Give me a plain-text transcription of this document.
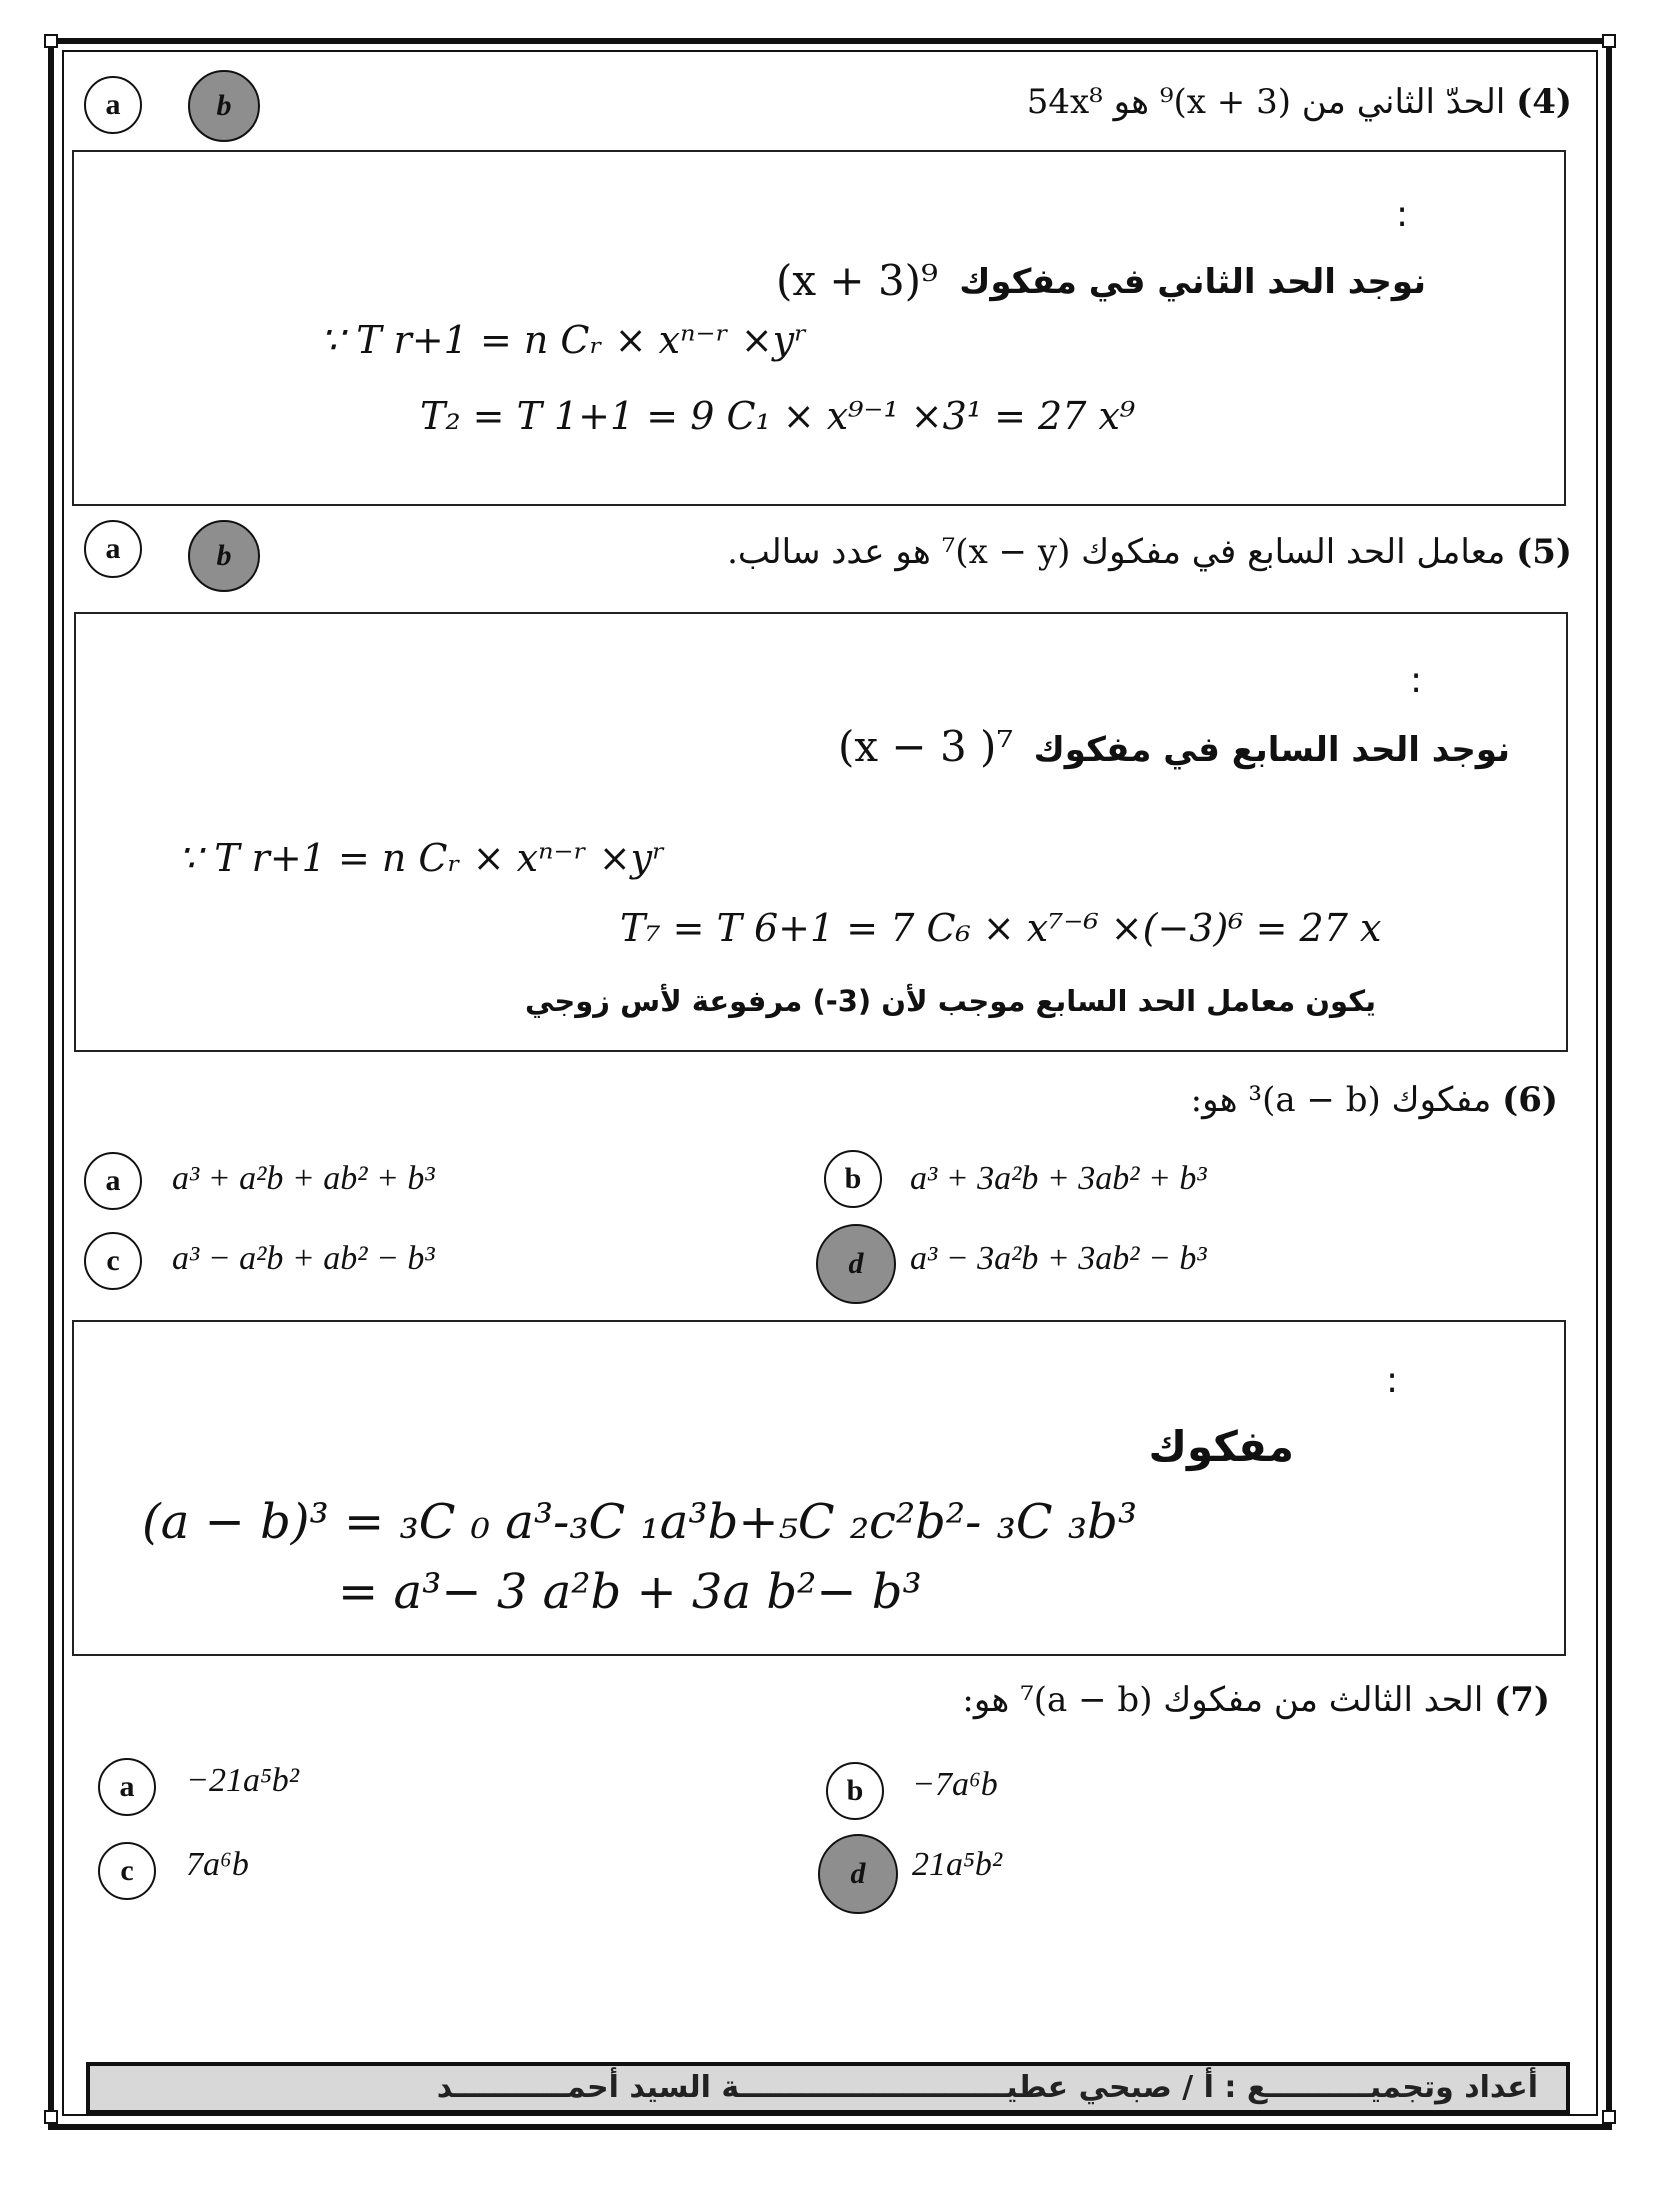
(4) الحدّ الثاني من (x + 3)⁹ هو 54x⁸
a	b
:
نوجد الحد الثاني في مفكوك
(x + 3)⁹
∵ T r+1 = n Cᵣ × xⁿ⁻ʳ ×yʳ
T₂ = T 1+1 = 9 C₁ × x⁹⁻¹ ×3¹ = 27 x⁹
(5) معامل الحد السابع في مفكوك (x − y)⁷ هو عدد سالب.
a	b
:
نوجد الحد السابع في مفكوك
(x − 3 )⁷
∵ T r+1 = n Cᵣ × xⁿ⁻ʳ ×yʳ
T₇ = T 6+1 = 7 C₆ × x⁷⁻⁶ ×(−3)⁶ = 27 x
يكون معامل الحد السابع موجب لأن (3-) مرفوعة لأس زوجي
(6) مفكوك (a − b)³ هو:
a a³ + a²b + ab² + b³	b a³ + 3a²b + 3ab² + b³
c a³ − a²b + ab² − b³	d a³ − 3a²b + 3ab² − b³
:
مفكوك
(a − b)³ = ₃C ₀ a³-₃C ₁a³b+₅C ₂c²b²- ₃C ₃b³
= a³− 3 a²b + 3a b²− b³
(7) الحد الثالث من مفكوك (a − b)⁷ هو:
a −21a⁵b²	b −7a⁶b
c 7a⁶b	d 21a⁵b²
أعداد وتجميــــــــــع : أ / صبحي عطيــــــــــــــــــــــــــة السيد أحمـــــــــــد
